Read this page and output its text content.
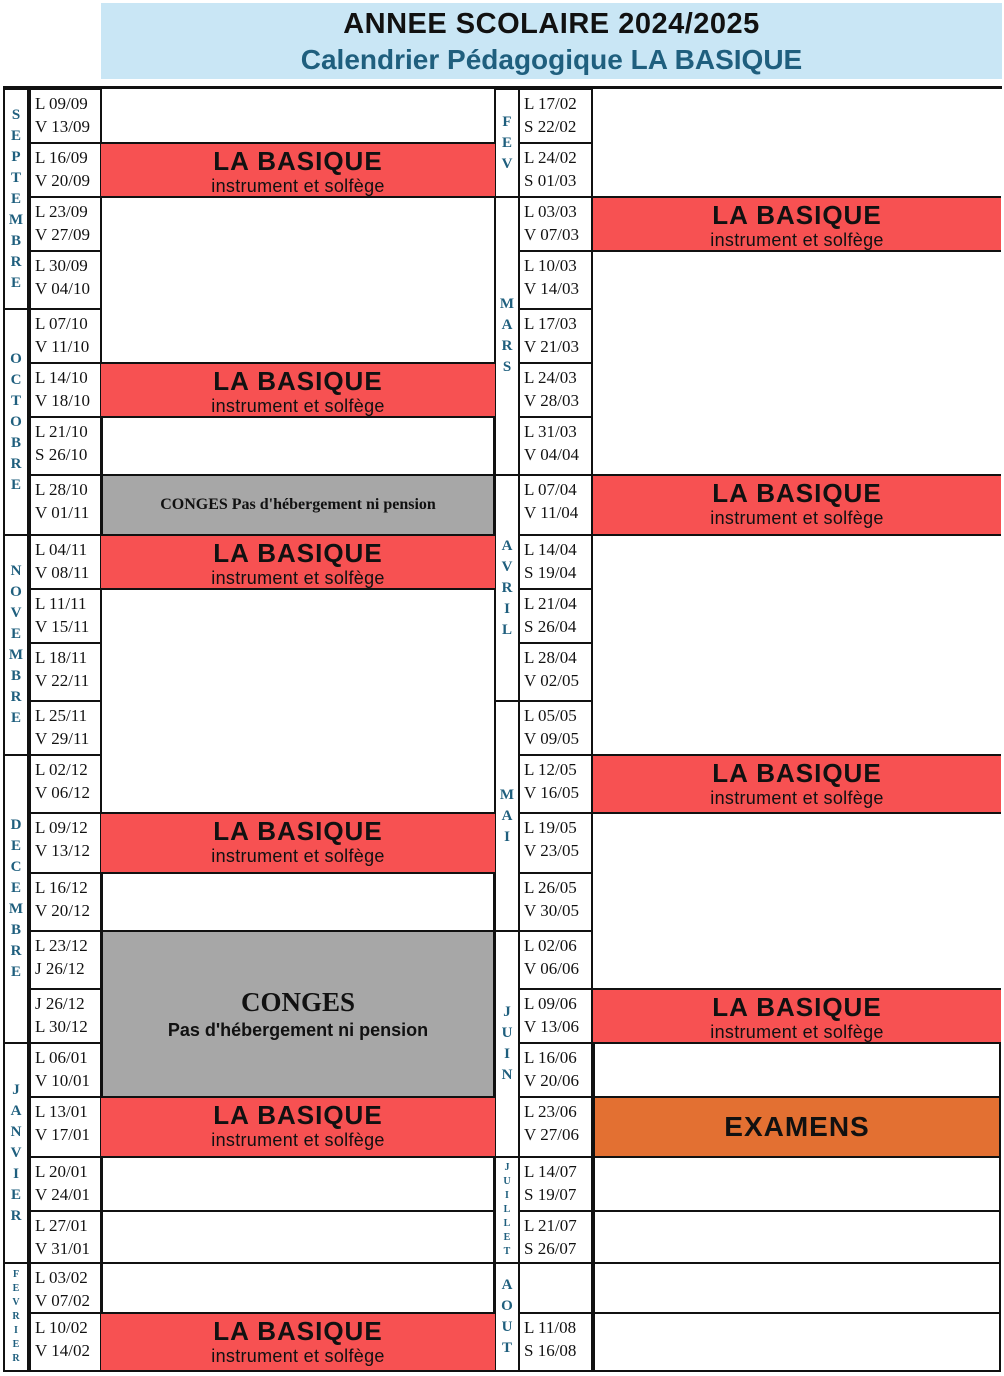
ANNEE SCOLAIRE 2024/2025
Calendrier Pédagogique LA BASIQUE
S
E
P
T
E
M
B
R
E
O
C
T
O
B
R
E
N
O
V
E
M
B
R
E
D
E
C
E
M
B
R
E
J
A
N
V
I
E
R
F
E
V
R
I
E
R
L 09/09
V 13/09
L 16/09
V 20/09
L 23/09
V 27/09
L 30/09
V 04/10
L 07/10
V 11/10
L 14/10
V 18/10
L 21/10
S 26/10
L 28/10
V 01/11
L 04/11
V 08/11
L 11/11
V 15/11
L 18/11
V 22/11
L 25/11
V 29/11
L 02/12
V 06/12
L 09/12
V 13/12
L 16/12
V 20/12
L 23/12
J 26/12
J 26/12
L 30/12
L 06/01
V 10/01
L 13/01
V 17/01
L 20/01
V 24/01
L 27/01
V 31/01
L 03/02
V 07/02
L 10/02
V 14/02
F
E
V
M
A
R
S
A
V
R
I
L
M
A
I
J
U
I
N
J
U
I
L
L
E
T
A
O
U
T
L 17/02
S 22/02
L 24/02
S 01/03
L 03/03
V 07/03
L 10/03
V 14/03
L 17/03
V 21/03
L 24/03
V 28/03
L 31/03
V 04/04
L 07/04
V 11/04
L 14/04
S 19/04
L 21/04
S 26/04
L 28/04
V 02/05
L 05/05
V 09/05
L 12/05
V 16/05
L 19/05
V 23/05
L 26/05
V 30/05
L 02/06
V 06/06
L 09/06
V 13/06
L 16/06
V 20/06
L 23/06
V 27/06
L 14/07
S 19/07
L 21/07
S 26/07
L 11/08
S 16/08
LA BASIQUE
instrument et solfège
LA BASIQUE
instrument et solfège
CONGES Pas d'hébergement ni pension
LA BASIQUE
instrument et solfège
LA BASIQUE
instrument et solfège
CONGES
Pas d'hébergement ni pension
LA BASIQUE
instrument et solfège
LA BASIQUE
instrument et solfège
LA BASIQUE
instrument et solfège
LA BASIQUE
instrument et solfège
LA BASIQUE
instrument et solfège
LA BASIQUE
instrument et solfège
EXAMENS
